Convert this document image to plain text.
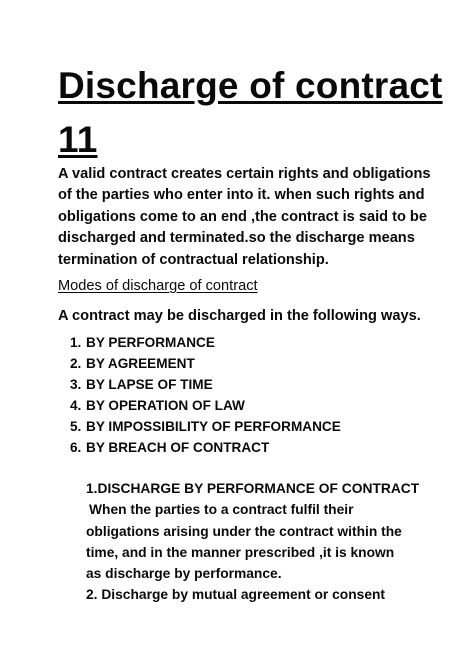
Discharge of contract
11
A valid contract creates certain rights and obligations
of the parties who enter into it. when such rights and
obligations come to an end ,the contract is said to be
discharged and terminated.so the discharge means
termination of contractual relationship.
Modes of discharge of contract
A contract may be discharged in the following ways.
1. BY PERFORMANCE
2. BY AGREEMENT
3. BY LAPSE OF TIME
4. BY OPERATION OF LAW
5. BY IMPOSSIBILITY OF PERFORMANCE
6. BY BREACH OF CONTRACT
1.DISCHARGE BY PERFORMANCE OF CONTRACT
When the parties to a contract fulfil their
obligations arising under the contract within the
time, and in the manner prescribed ,it is known
as discharge by performance.
2. Discharge by mutual agreement or consent
